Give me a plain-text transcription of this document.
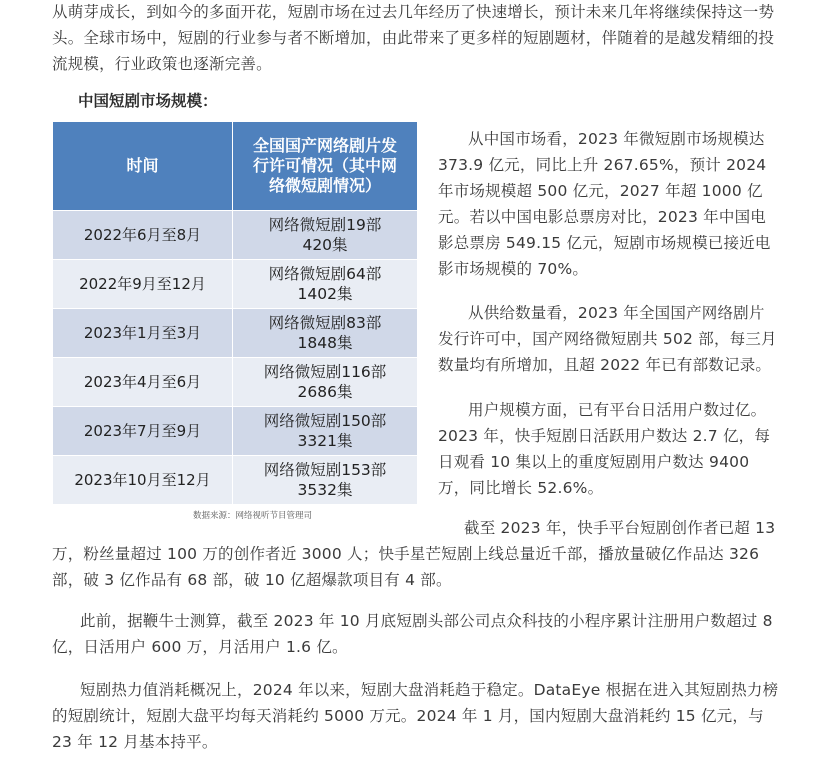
从萌芽成长，到如今的多面开花，短剧市场在过去几年经历了快速增长，预计未来几年将继续保持这一势头。全球市场中，短剧的行业参与者不断增加，由此带来了更多样的短剧题材，伴随着的是越发精细的投流规模，行业政策也逐渐完善。

中国短剧市场规模：
时间	全国国产网络剧片发行许可情况（其中网络微短剧情况）
2022年6月至8月	网络微短剧19部
420集

2022年9月至12月	网络微短剧64部
1402集

2023年1月至3月	网络微短剧83部
1848集

2023年4月至6月	网络微短剧116部
2686集

2023年7月至9月	网络微短剧150部
3321集

2023年10月至12月	网络微短剧153部
3532集
数据来源：网络视听节目管理司

从中国市场看，2023 年微短剧市场规模达 373.9 亿元，同比上升 267.65%，预计 2024 年市场规模超 500 亿元，2027 年超 1000 亿元。若以中国电影总票房对比，2023 年中国电影总票房 549.15 亿元，短剧市场规模已接近电影市场规模的 70%。

从供给数量看，2023 年全国国产网络剧片发行许可中，国产网络微短剧共 502 部，每三月数量均有所增加，且超 2022 年已有部数记录。

用户规模方面，已有平台日活用户数过亿。2023 年，快手短剧日活跃用户数达 2.7 亿，每日观看 10 集以上的重度短剧用户数达 9400 万，同比增长 52.6%。

截至 2023 年，快手平台短剧创作者已超 13 万，粉丝量超过 100 万的创作者近 3000 人；快手星芒短剧上线总量近千部，播放量破亿作品达 326 部，破 3 亿作品有 68 部，破 10 亿超爆款项目有 4 部。

此前，据鞭牛士测算，截至 2023 年 10 月底短剧头部公司点众科技的小程序累计注册用户数超过 8 亿，日活用户 600 万，月活用户 1.6 亿。

短剧热力值消耗概况上，2024 年以来，短剧大盘消耗趋于稳定。DataEye 根据在进入其短剧热力榜的短剧统计，短剧大盘平均每天消耗约 5000 万元。2024 年 1 月，国内短剧大盘消耗约 15 亿元，与 23 年 12 月基本持平。
